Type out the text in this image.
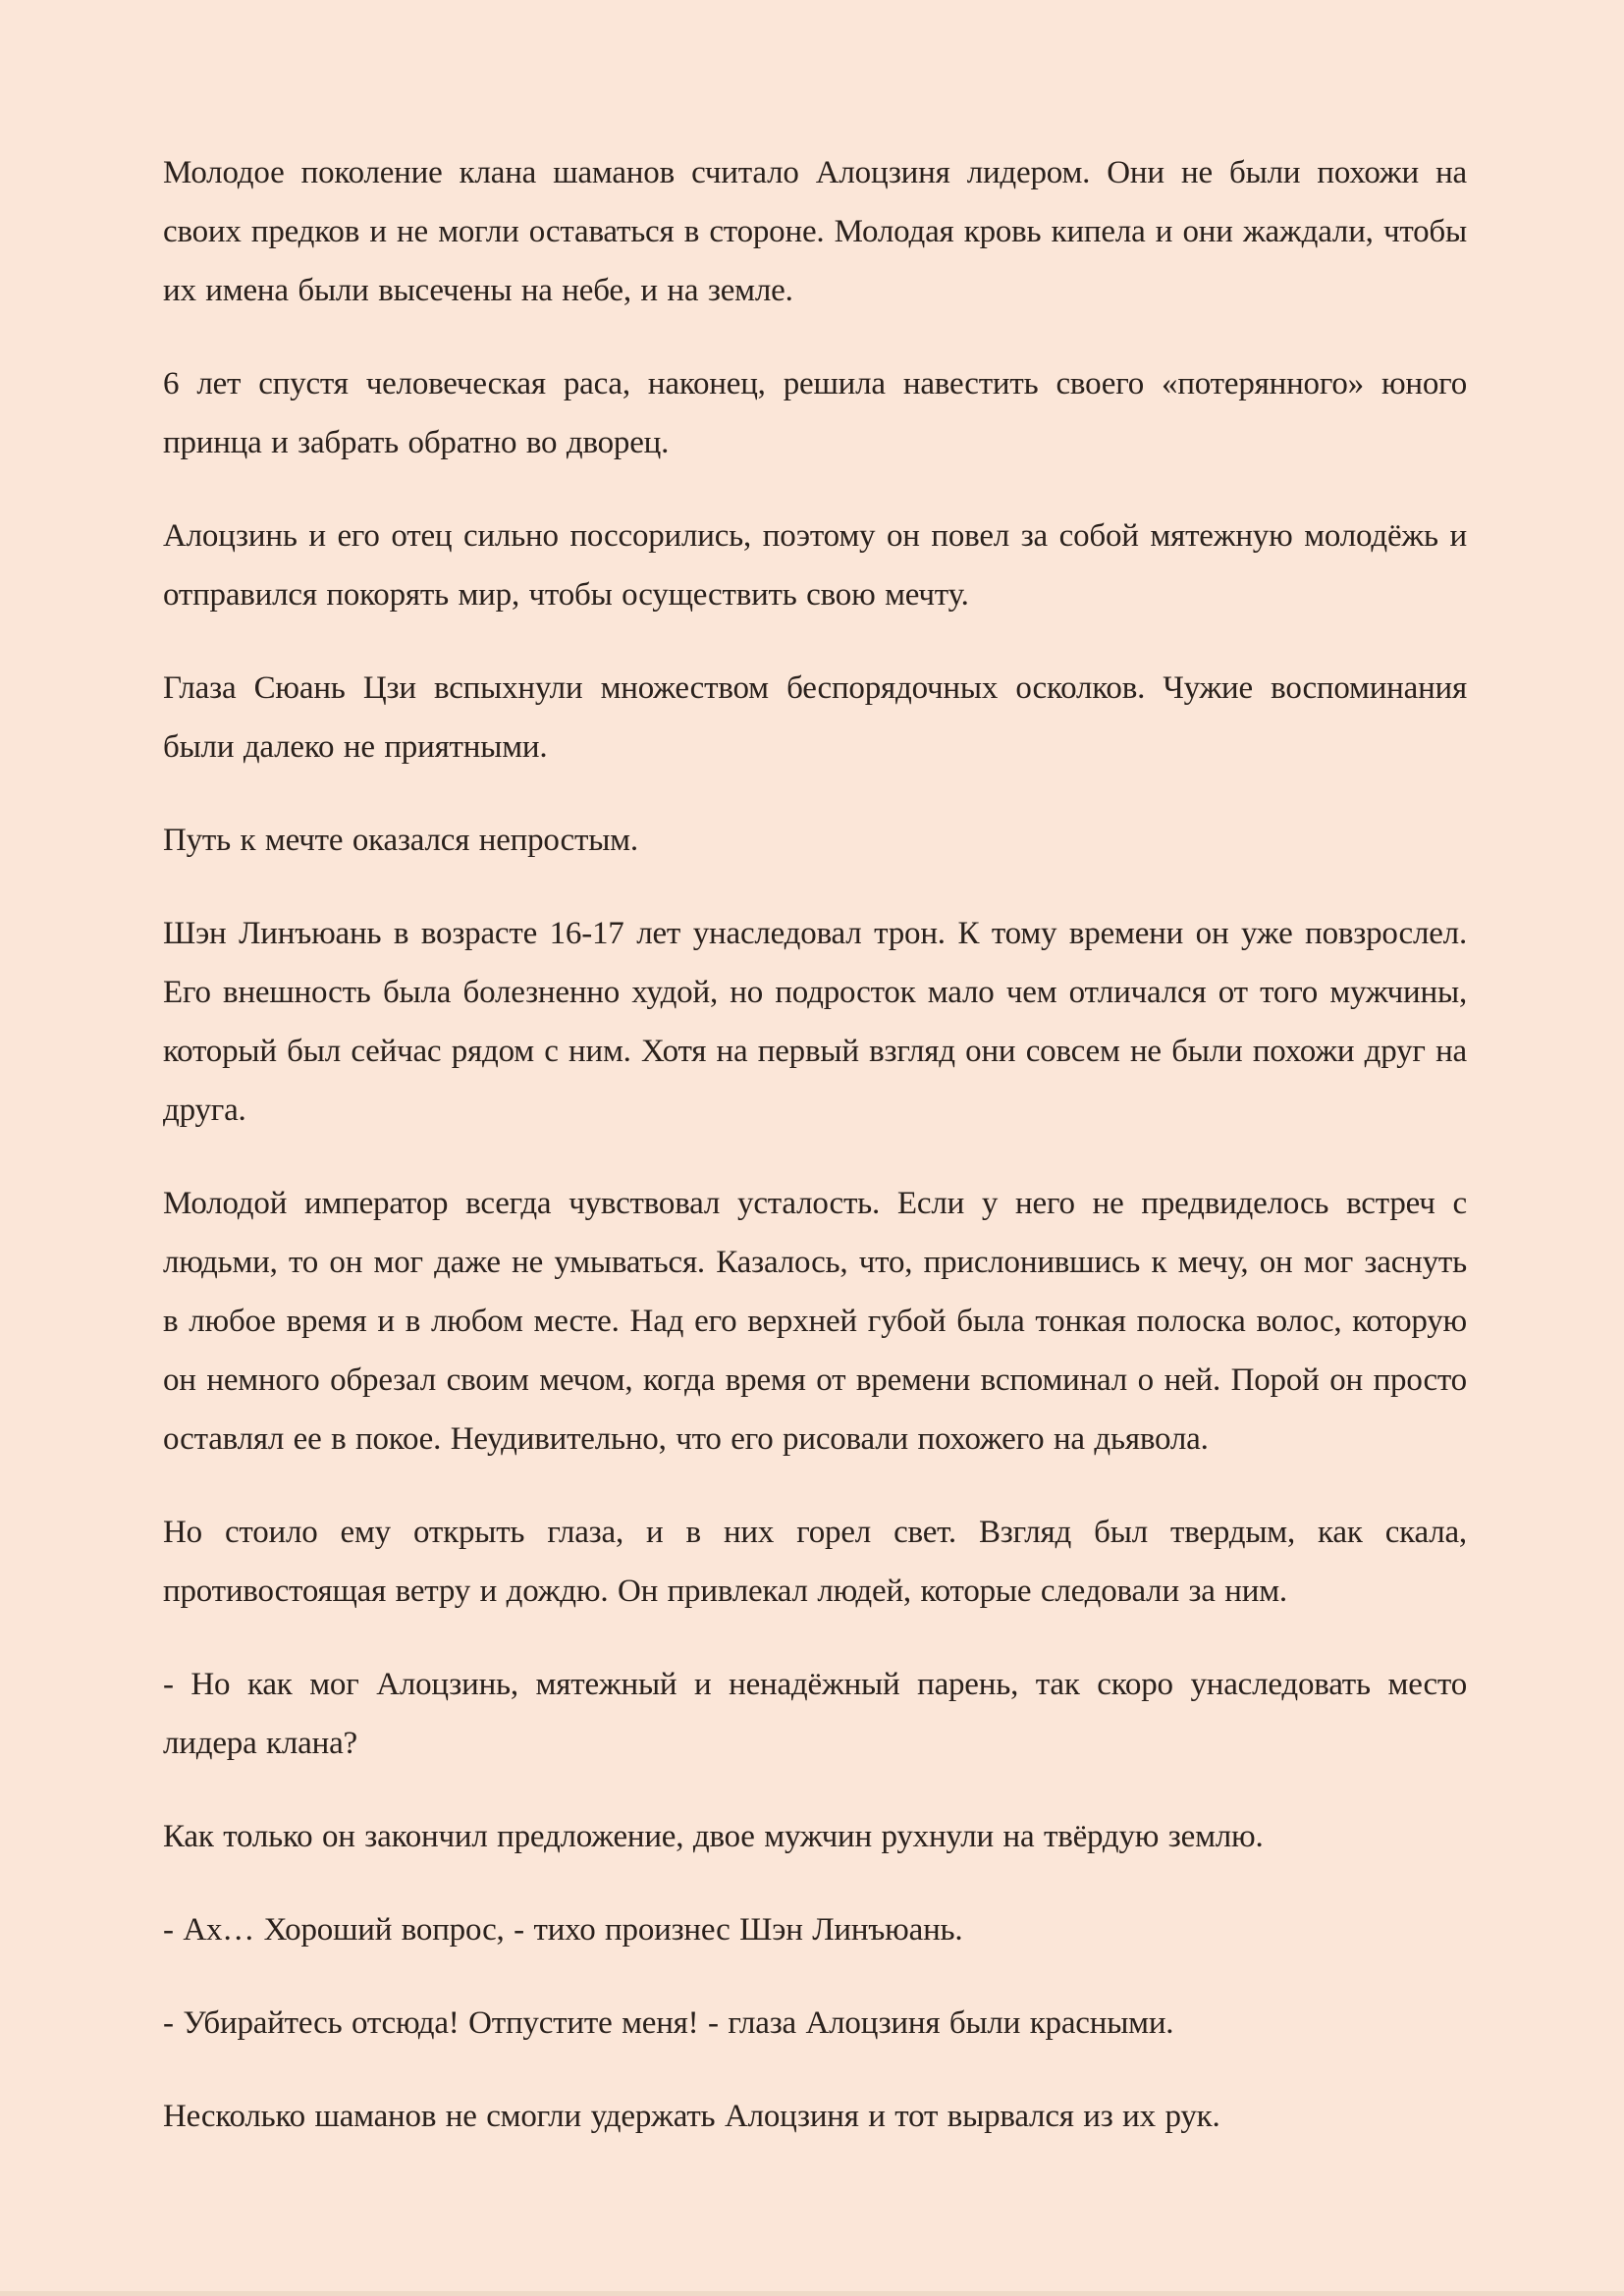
Молодое поколение клана шаманов считало Алоцзиня лидером. Они не были похожи на своих предков и не могли оставаться в стороне. Молодая кровь кипела и они жаждали, чтобы их имена были высечены на небе, и на земле.

6 лет спустя человеческая раса, наконец, решила навестить своего «потерянного» юного принца и забрать обратно во дворец.

Алоцзинь и его отец сильно поссорились, поэтому он повел за собой мятежную молодёжь и отправился покорять мир, чтобы осуществить свою мечту.

Глаза Сюань Цзи вспыхнули множеством беспорядочных осколков. Чужие воспоминания были далеко не приятными.

Путь к мечте оказался непростым.

Шэн Линъюань в возрасте 16-17 лет унаследовал трон. К тому времени он уже повзрослел. Его внешность была болезненно худой, но подросток мало чем отличался от того мужчины, который был сейчас рядом с ним. Хотя на первый взгляд они совсем не были похожи друг на друга.

Молодой император всегда чувствовал усталость. Если у него не предвиделось встреч с людьми, то он мог даже не умываться. Казалось, что, прислонившись к мечу, он мог заснуть в любое время и в любом месте. Над его верхней губой была тонкая полоска волос, которую он немного обрезал своим мечом, когда время от времени вспоминал о ней. Порой он просто оставлял ее в покое. Неудивительно, что его рисовали похожего на дьявола.

Но стоило ему открыть глаза, и в них горел свет. Взгляд был твердым, как скала, противостоящая ветру и дождю. Он привлекал людей, которые следовали за ним.

- Но как мог Алоцзинь, мятежный и ненадёжный парень, так скоро унаследовать место лидера клана?

Как только он закончил предложение, двое мужчин рухнули на твёрдую землю.

- Ах… Хороший вопрос, - тихо произнес Шэн Линъюань.

- Убирайтесь отсюда! Отпустите меня! - глаза Алоцзиня были красными.

Несколько шаманов не смогли удержать Алоцзиня и тот вырвался из их рук.
